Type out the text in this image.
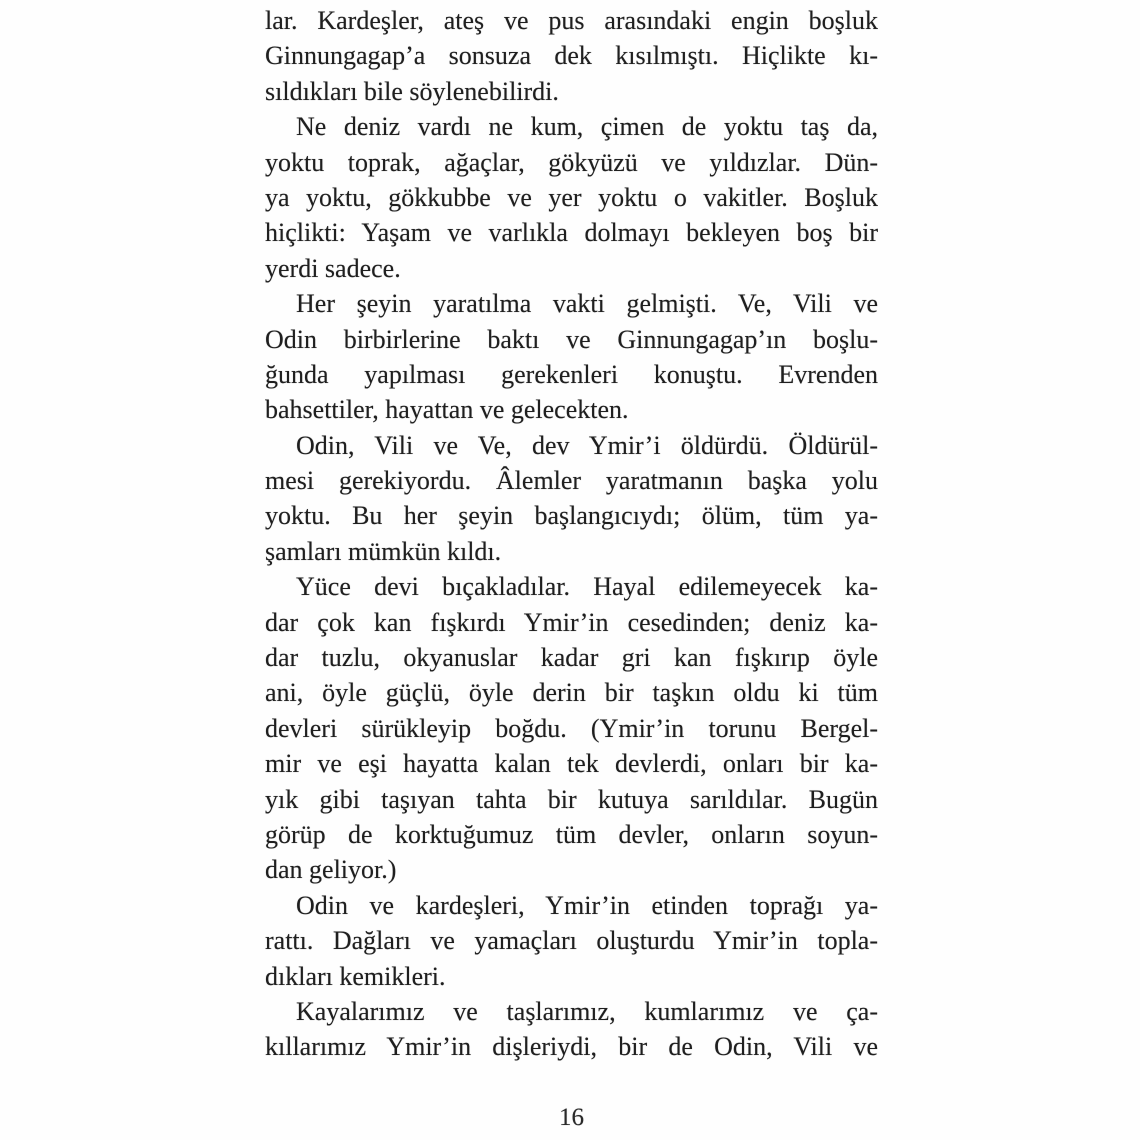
lar. Kardeşler, ateş ve pus arasındaki engin boşluk
Ginnungagap’a sonsuza dek kısılmıştı. Hiçlikte kı-
sıldıkları bile söylenebilirdi.
Ne deniz vardı ne kum, çimen de yoktu taş da,
yoktu toprak, ağaçlar, gökyüzü ve yıldızlar. Dün-
ya yoktu, gökkubbe ve yer yoktu o vakitler. Boşluk
hiçlikti: Yaşam ve varlıkla dolmayı bekleyen boş bir
yerdi sadece.
Her şeyin yaratılma vakti gelmişti. Ve, Vili ve
Odin birbirlerine baktı ve Ginnungagap’ın boşlu-
ğunda yapılması gerekenleri konuştu. Evrenden
bahsettiler, hayattan ve gelecekten.
Odin, Vili ve Ve, dev Ymir’i öldürdü. Öldürül-
mesi gerekiyordu. Âlemler yaratmanın başka yolu
yoktu. Bu her şeyin başlangıcıydı; ölüm, tüm ya-
şamları mümkün kıldı.
Yüce devi bıçakladılar. Hayal edilemeyecek ka-
dar çok kan fışkırdı Ymir’in cesedinden; deniz ka-
dar tuzlu, okyanuslar kadar gri kan fışkırıp öyle
ani, öyle güçlü, öyle derin bir taşkın oldu ki tüm
devleri sürükleyip boğdu. (Ymir’in torunu Bergel-
mir ve eşi hayatta kalan tek devlerdi, onları bir ka-
yık gibi taşıyan tahta bir kutuya sarıldılar. Bugün
görüp de korktuğumuz tüm devler, onların soyun-
dan geliyor.)
Odin ve kardeşleri, Ymir’in etinden toprağı ya-
rattı. Dağları ve yamaçları oluşturdu Ymir’in topla-
dıkları kemikleri.
Kayalarımız ve taşlarımız, kumlarımız ve ça-
kıllarımız Ymir’in dişleriydi, bir de Odin, Vili ve
16
